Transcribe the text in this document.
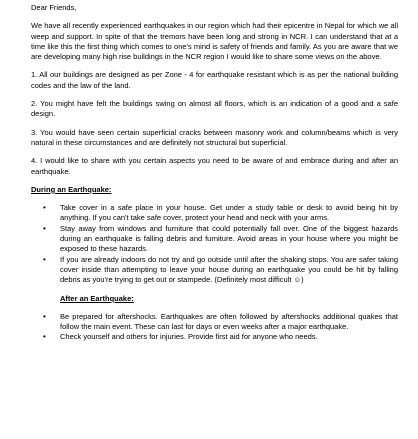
Dear Friends,

We have all recently experienced earthquakes in our region which had their epicentre in Nepal for which we all weep and support. In spite of that the tremors have been long and strong in NCR. I can understand that at a time like this the first thing which comes to one's mind is safety of friends and family. As you are aware that we are developing many high rise buildings in the NCR region I would like to share some views on the above.

1. All our buildings are designed as per Zone - 4 for earthquake resistant which is as per the national building codes and the law of the land.

2. You might have felt the buildings swing on almost all floors, which is an indication of a good and a safe design.

3. You would have seen certain superficial cracks between masonry work and column/beams which is very natural in these circumstances and are definitely not structural but superficial.

4. I would like to share with you certain aspects you need to be aware of and embrace during and after an earthquake.

During an Earthquake:

• Take cover in a safe place in your house. Get under a study table or desk to avoid being hit by anything. If you can't take safe cover, protect your head and neck with your arms.
• Stay away from windows and furniture that could potentially fall over. One of the biggest hazards during an earthquake is falling debris and furniture. Avoid areas in your house where you might be exposed to these hazards.
• If you are already indoors do not try and go outside until after the shaking stops. You are safer taking cover inside than attempting to leave your house during an earthquake you could be hit by falling debris as you're trying to get out or stampede. (Definitely most difficult ☺)

After an Earthquake:

• Be prepared for aftershocks. Earthquakes are often followed by aftershocks additional quakes that follow the main event. These can last for days or even weeks after a major earthquake.
• Check yourself and others for injuries. Provide first aid for anyone who needs.
